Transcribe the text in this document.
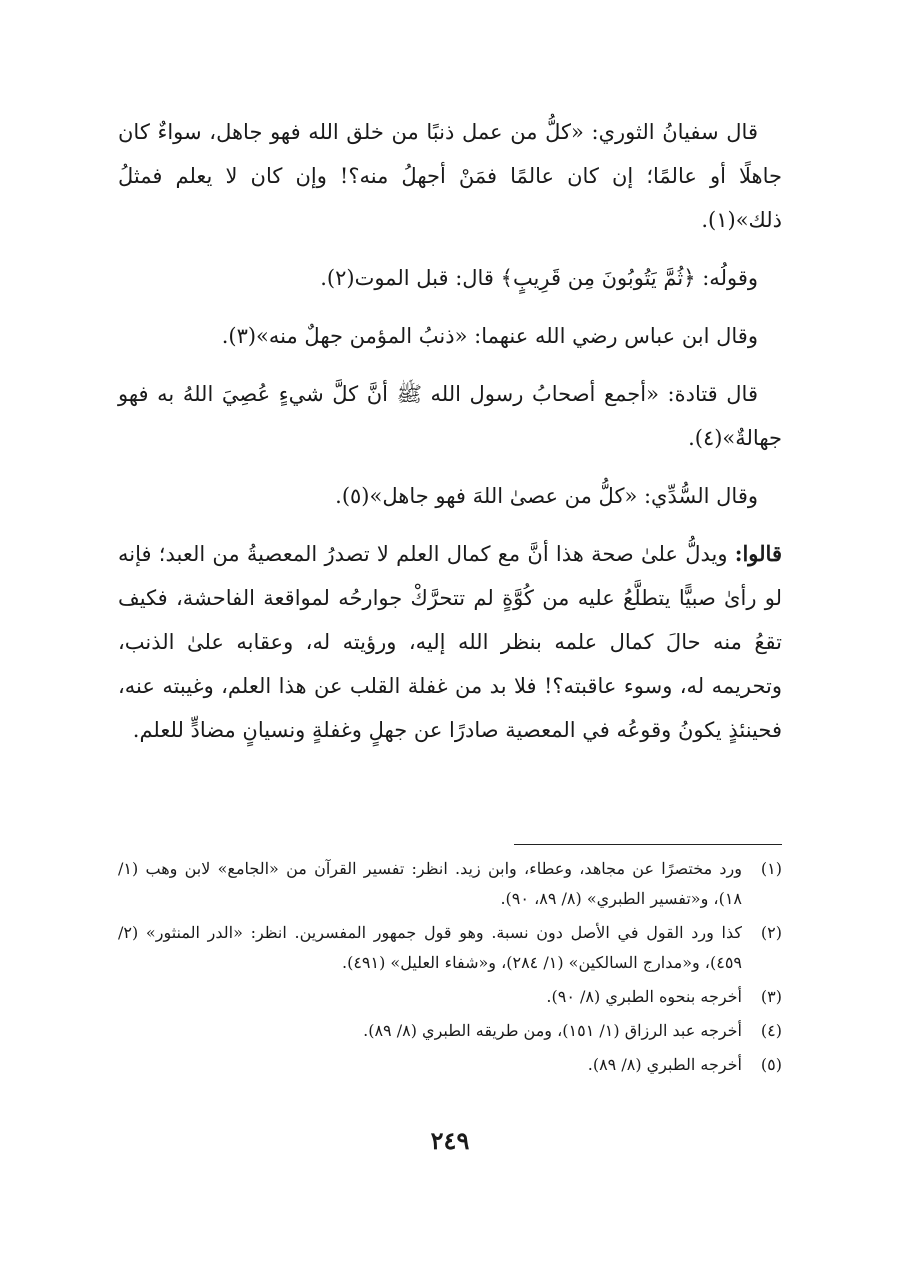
قال سفيانُ الثوري: «كلُّ من عمل ذنبًا من خلق الله فهو جاهل، سواءٌ كان جاهلًا أو عالمًا؛ إن كان عالمًا فمَنْ أجهلُ منه؟! وإن كان لا يعلم فمثلُ ذلك»(١).

وقولُه: ﴿ثُمَّ يَتُوبُونَ مِن قَرِيبٍ﴾ قال: قبل الموت(٢).

وقال ابن عباس رضي الله عنهما: «ذنبُ المؤمن جهلٌ منه»(٣).

قال قتادة: «أجمع أصحابُ رسول الله ﷺ أنَّ كلَّ شيءٍ عُصِيَ اللهُ به فهو جهالةٌ»(٤).

وقال السُّدِّي: «كلُّ من عصىٰ اللهَ فهو جاهل»(٥).

قالوا: ويدلُّ علىٰ صحة هذا أنَّ مع كمال العلم لا تصدرُ المعصيةُ من العبد؛ فإنه لو رأىٰ صبيًّا يتطلَّعُ عليه من كُوَّةٍ لم تتحرَّكْ جوارحُه لمواقعة الفاحشة، فكيف تقعُ منه حالَ كمال علمه بنظر الله إليه، ورؤيته له، وعقابه علىٰ الذنب، وتحريمه له، وسوء عاقبته؟! فلا بد من غفلة القلب عن هذا العلم، وغيبته عنه، فحينئذٍ يكونُ وقوعُه في المعصية صادرًا عن جهلٍ وغفلةٍ ونسيانٍ مضادٍّ للعلم.

(١)
ورد مختصرًا عن مجاهد، وعطاء، وابن زيد. انظر: تفسير القرآن من «الجامع» لابن وهب (١/ ١٨)، و«تفسير الطبري» (٨/ ٨٩، ٩٠).
(٢)
كذا ورد القول في الأصل دون نسبة. وهو قول جمهور المفسرين. انظر: «الدر المنثور» (٢/ ٤٥٩)، و«مدارج السالكين» (١/ ٢٨٤)، و«شفاء العليل» (٤٩١).
(٣)
أخرجه بنحوه الطبري (٨/ ٩٠).
(٤)
أخرجه عبد الرزاق (١/ ١٥١)، ومن طريقه الطبري (٨/ ٨٩).
(٥)
أخرجه الطبري (٨/ ٨٩).
٢٤٩
